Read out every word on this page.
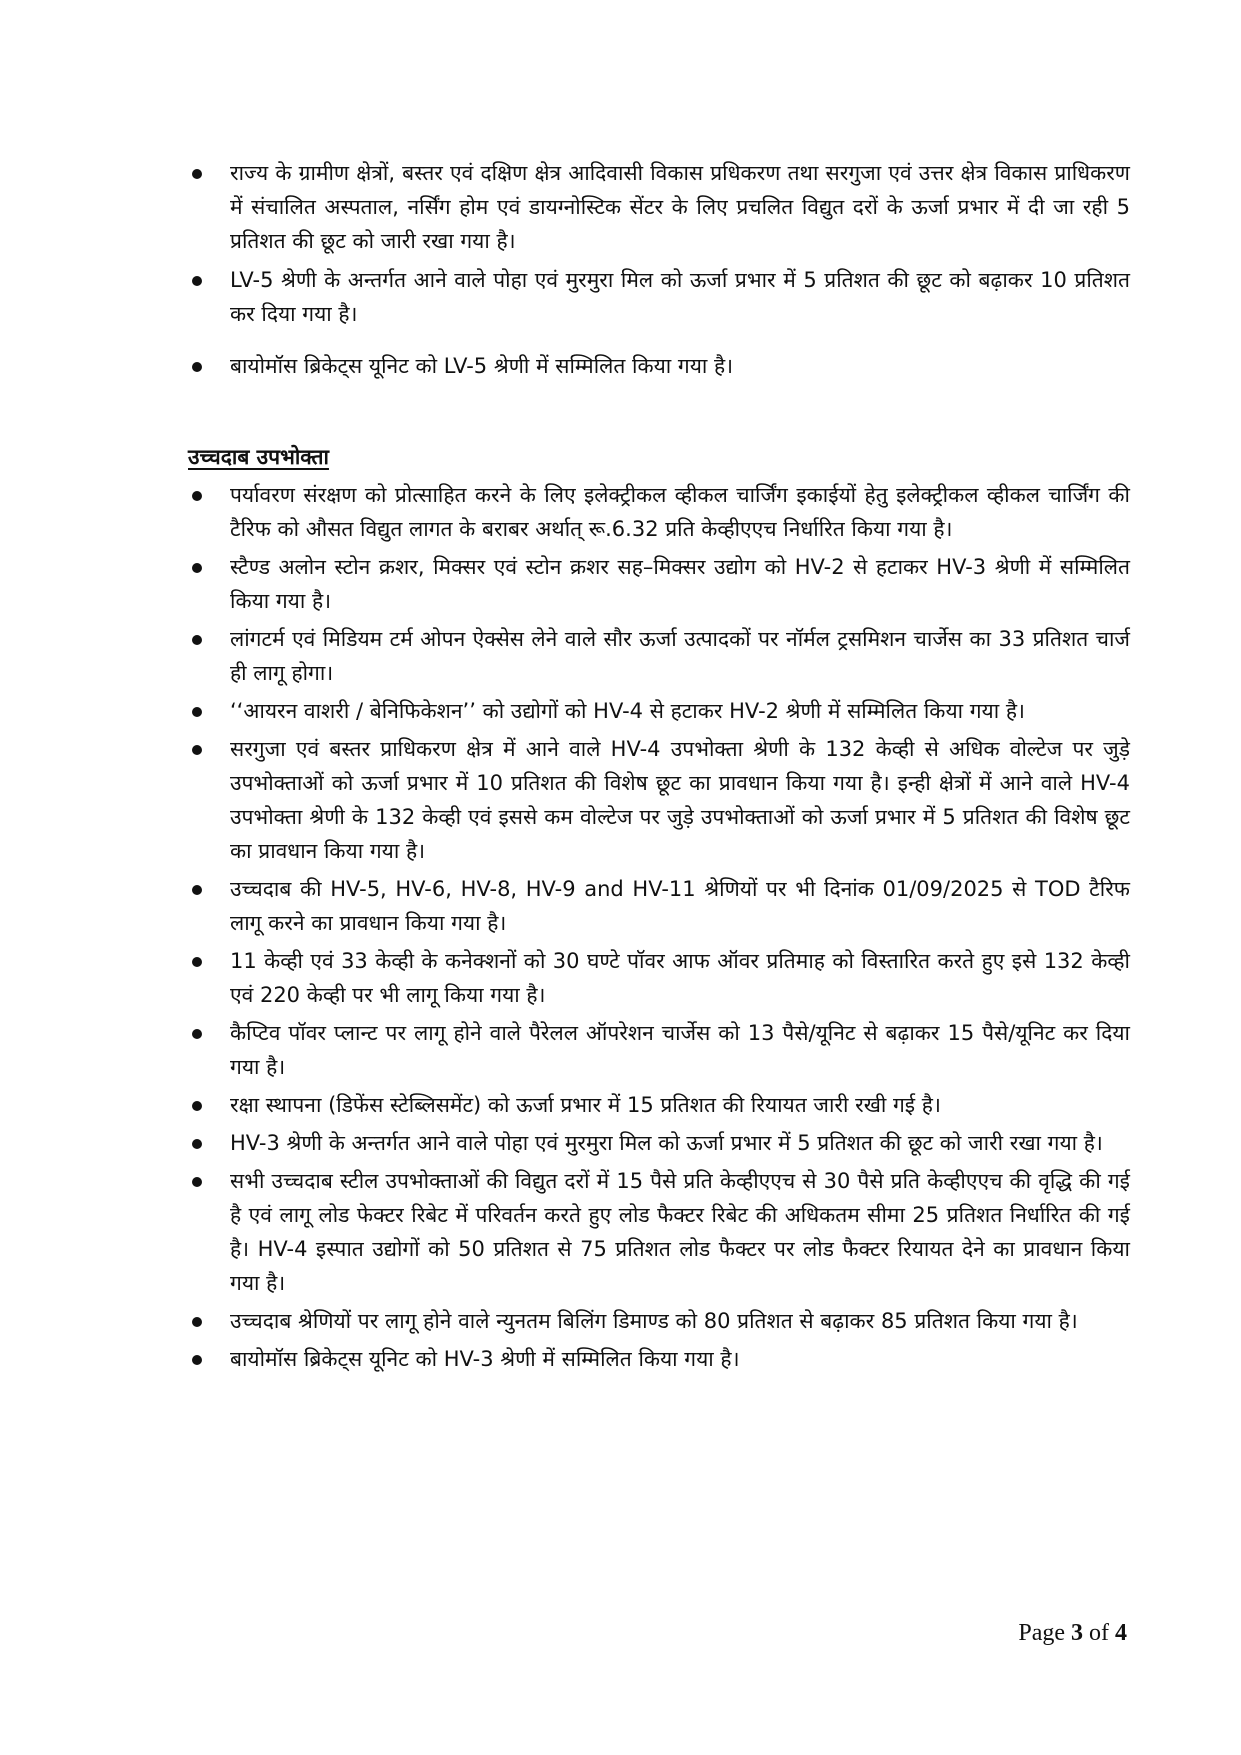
राज्य के ग्रामीण क्षेत्रों, बस्तर एवं दक्षिण क्षेत्र आदिवासी विकास प्रधिकरण तथा सरगुजा एवं उत्तर क्षेत्र विकास प्राधिकरण में संचालित अस्पताल, नर्सिंग होम एवं डायग्नोस्टिक सेंटर के लिए प्रचलित विद्युत दरों के ऊर्जा प्रभार में दी जा रही 5 प्रतिशत की छूट को जारी रखा गया है।
LV-5 श्रेणी के अन्तर्गत आने वाले पोहा एवं मुरमुरा मिल को ऊर्जा प्रभार में 5 प्रतिशत की छूट को बढ़ाकर 10 प्रतिशत कर दिया गया है।
बायोमॉस ब्रिकेट्स यूनिट को LV-5 श्रेणी में सम्मिलित किया गया है।
उच्चदाब उपभोक्ता
पर्यावरण संरक्षण को प्रोत्साहित करने के लिए इलेक्ट्रीकल व्हीकल चार्जिंग इकाईयों हेतु इलेक्ट्रीकल व्हीकल चार्जिंग की टैरिफ को औसत विद्युत लागत के बराबर अर्थात् रू.6.32 प्रति केव्हीएएच निर्धारित किया गया है।
स्टैण्ड अलोन स्टोन क्रशर, मिक्सर एवं स्टोन क्रशर सह–मिक्सर उद्योग को HV-2 से हटाकर HV-3 श्रेणी में सम्मिलित किया गया है।
लांगटर्म एवं मिडियम टर्म ओपन ऐक्सेस लेने वाले सौर ऊर्जा उत्पादकों पर नॉर्मल ट्रसमिशन चार्जेस का 33 प्रतिशत चार्ज ही लागू होगा।
‘‘आयरन वाशरी / बेनिफिकेशन’’ को उद्योगों को HV-4 से हटाकर HV-2 श्रेणी में सम्मिलित किया गया है।
सरगुजा एवं बस्तर प्राधिकरण क्षेत्र में आने वाले HV-4 उपभोक्ता श्रेणी के 132 केव्ही से अधिक वोल्टेज पर जुड़े उपभोक्ताओं को ऊर्जा प्रभार में 10 प्रतिशत की विशेष छूट का प्रावधान किया गया है। इन्ही क्षेत्रों में आने वाले HV-4 उपभोक्ता श्रेणी के 132 केव्ही एवं इससे कम वोल्टेज पर जुड़े उपभोक्ताओं को ऊर्जा प्रभार में 5 प्रतिशत की विशेष छूट का प्रावधान किया गया है।
उच्चदाब की HV-5, HV-6, HV-8, HV-9 and HV-11 श्रेणियों पर भी दिनांक 01/09/2025 से TOD टैरिफ लागू करने का प्रावधान किया गया है।
11 केव्ही एवं 33 केव्ही के कनेक्शनों को 30 घण्टे पॉवर आफ ऑवर प्रतिमाह को विस्तारित करते हुए इसे 132 केव्ही एवं 220 केव्ही पर भी लागू किया गया है।
कैप्टिव पॉवर प्लान्ट पर लागू होने वाले पैरेलल ऑपरेशन चार्जेस को 13 पैसे/यूनिट से बढ़ाकर 15 पैसे/यूनिट कर दिया गया है।
रक्षा स्थापना (डिफेंस स्टेब्लिसमेंट) को ऊर्जा प्रभार में 15 प्रतिशत की रियायत जारी रखी गई है।
HV-3 श्रेणी के अन्तर्गत आने वाले पोहा एवं मुरमुरा मिल को ऊर्जा प्रभार में 5 प्रतिशत की छूट को जारी रखा गया है।
सभी उच्चदाब स्टील उपभोक्ताओं की विद्युत दरों में 15 पैसे प्रति केव्हीएएच से 30 पैसे प्रति केव्हीएएच की वृद्धि की गई है एवं लागू लोड फेक्टर रिबेट में परिवर्तन करते हुए लोड फैक्टर रिबेट की अधिकतम सीमा 25 प्रतिशत निर्धारित की गई है। HV-4 इस्पात उद्योगों को 50 प्रतिशत से 75 प्रतिशत लोड फैक्टर पर लोड फैक्टर रियायत देने का प्रावधान किया गया है।
उच्चदाब श्रेणियों पर लागू होने वाले न्युनतम बिलिंग डिमाण्ड को 80 प्रतिशत से बढ़ाकर 85 प्रतिशत किया गया है।
बायोमॉस ब्रिकेट्स यूनिट को HV-3 श्रेणी में सम्मिलित किया गया है।
Page 3 of 4
